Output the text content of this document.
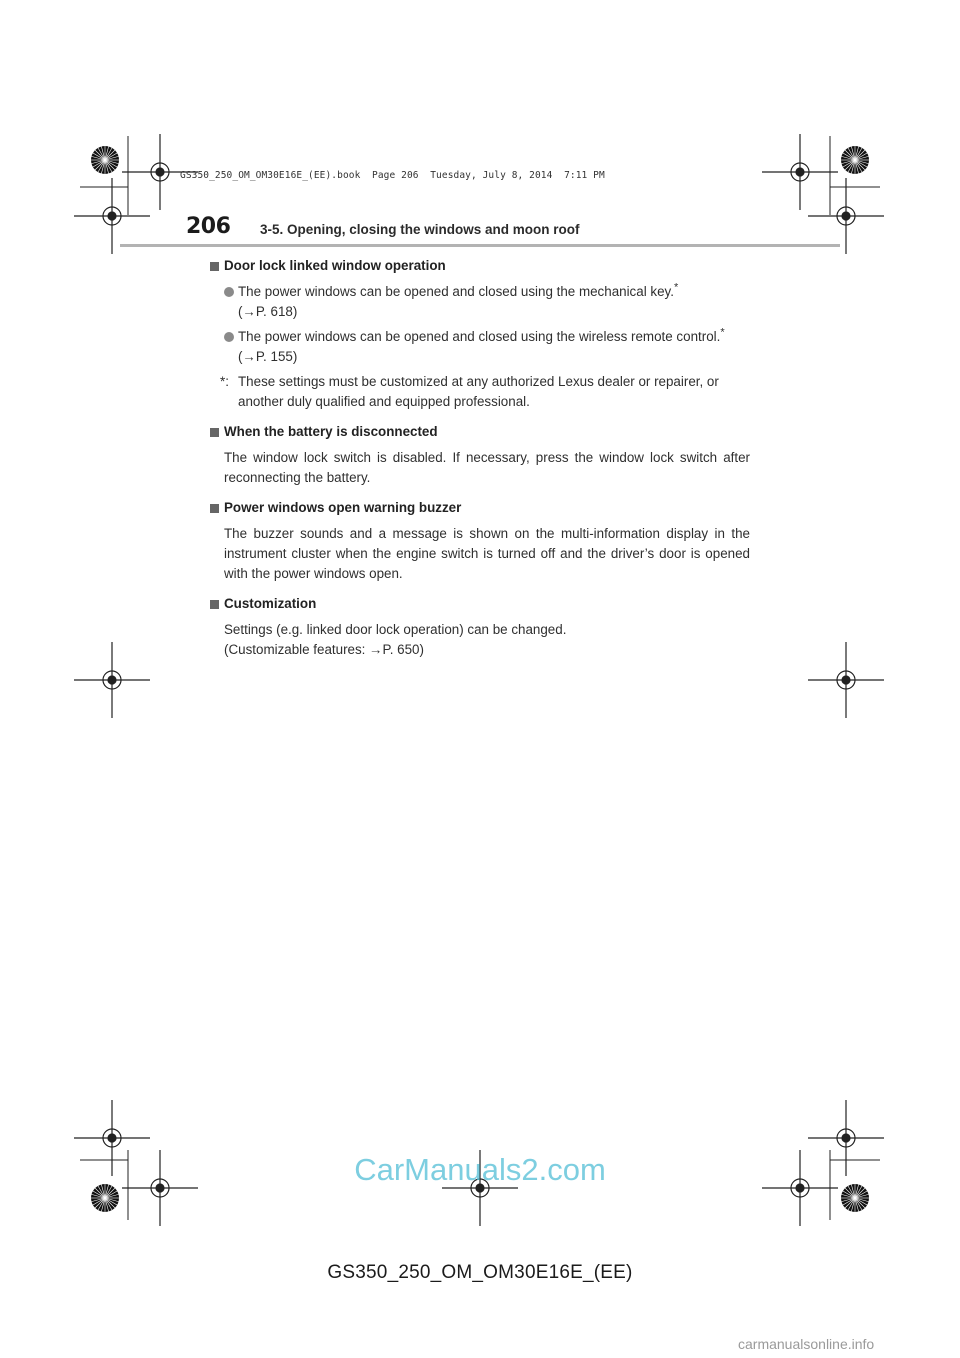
GS350_250_OM_OM30E16E_(EE).book  Page 206  Tuesday, July 8, 2014  7:11 PM
206 3-5. Opening, closing the windows and moon roof
Door lock linked window operation
The power windows can be opened and closed using the mechanical key.*
(→P. 618)
The power windows can be opened and closed using the wireless remote control.*
(→P. 155)
*: These settings must be customized at any authorized Lexus dealer or repairer, or another duly qualified and equipped professional.
When the battery is disconnected
The window lock switch is disabled. If necessary, press the window lock switch after reconnecting the battery.
Power windows open warning buzzer
The buzzer sounds and a message is shown on the multi-information display in the instrument cluster when the engine switch is turned off and the driver’s door is opened with the power windows open.
Customization
Settings (e.g. linked door lock operation) can be changed.
(Customizable features: →P. 650)
CarManuals2.com
GS350_250_OM_OM30E16E_(EE)
carmanualsonline.info
